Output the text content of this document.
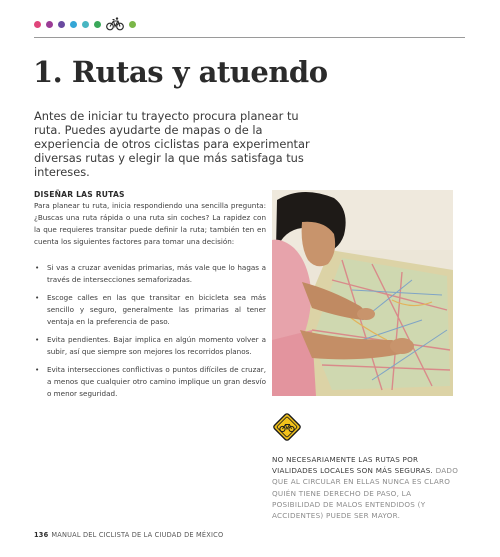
1. Rutas y atuendo

Antes de iniciar tu trayecto procura planear tu ruta. Puedes ayudarte de mapas o de la experiencia de otros ciclistas para experimentar diversas rutas y elegir la que más satisfaga tus intereses.

DISEÑAR LAS RUTAS

Para planear tu ruta, inicia respondiendo una sencilla pregunta: ¿Buscas una ruta rápida o una ruta sin coches? La rapidez con la que requieres transitar puede definir la ruta; también ten en cuenta los siguientes factores para tomar una decisión:

• Si vas a cruzar avenidas primarias, más vale que lo hagas a través de intersecciones semaforizadas.
• Escoge calles en las que transitar en bicicleta sea más sencillo y seguro, generalmente las primarias al tener ventaja en la preferencia de paso.
• Evita pendientes. Bajar implica en algún momento volver a subir, así que siempre son mejores los recorridos planos.
• Evita intersecciones conflictivas o puntos difíciles de cruzar, a menos que cualquier otro camino implique un gran desvío o menor seguridad.

NO NECESARIAMENTE LAS RUTAS POR VIALIDADES LOCALES SON MÁS SEGURAS. DADO QUE AL CIRCULAR EN ELLAS NUNCA ES CLARO QUIÉN TIENE DERECHO DE PASO, LA POSIBILIDAD DE MALOS ENTENDIDOS (Y ACCIDENTES) PUEDE SER MAYOR.

136 MANUAL DEL CICLISTA DE LA CIUDAD DE MÉXICO
